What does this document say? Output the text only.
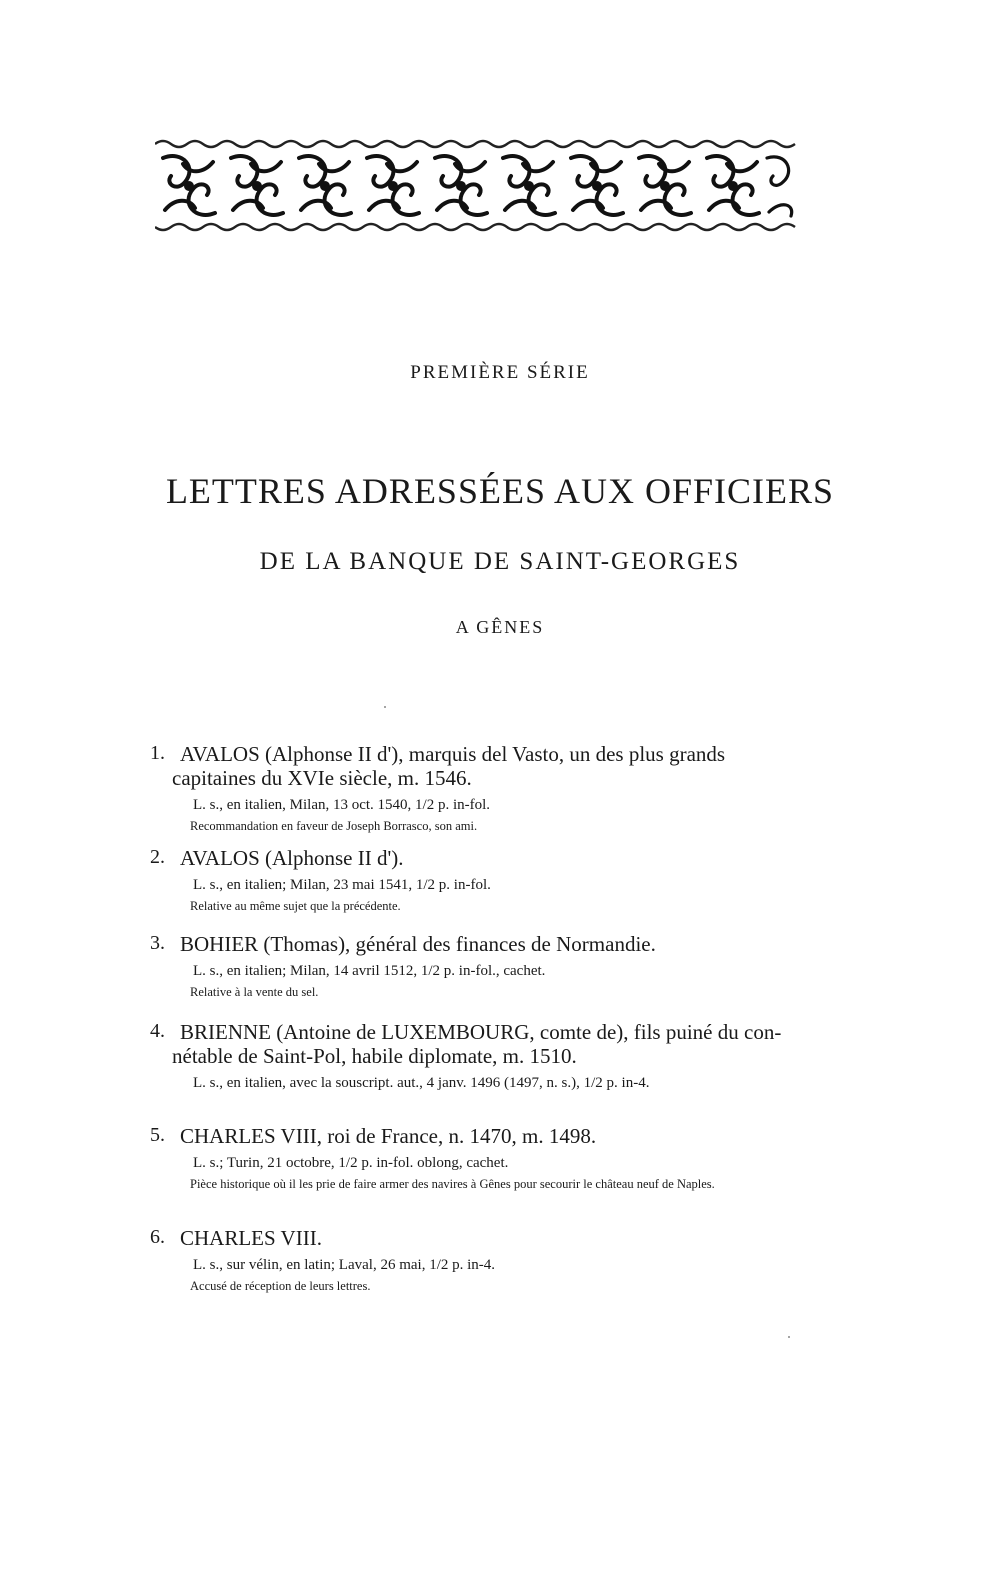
PREMIÈRE SÉRIE
LETTRES ADRESSÉES AUX OFFICIERS
DE LA BANQUE DE SAINT-GEORGES
A GÊNES
1. AVALOS (Alphonse II d'), marquis del Vasto, un des plus grands

capitaines du XVIe siècle, m. 1546.
L. s., en italien, Milan, 13 oct. 1540, 1/2 p. in-fol.
Recommandation en faveur de Joseph Borrasco, son ami.
2. AVALOS (Alphonse II d').
L. s., en italien; Milan, 23 mai 1541, 1/2 p. in-fol.
Relative au même sujet que la précédente.
3. BOHIER (Thomas), général des finances de Normandie.
L. s., en italien; Milan, 14 avril 1512, 1/2 p. in-fol., cachet.
Relative à la vente du sel.
4. BRIENNE (Antoine de LUXEMBOURG, comte de), fils puiné du con-

nétable de Saint-Pol, habile diplomate, m. 1510.
L. s., en italien, avec la souscript. aut., 4 janv. 1496 (1497, n. s.), 1/2 p. in-4.
5. CHARLES VIII, roi de France, n. 1470, m. 1498.
L. s.; Turin, 21 octobre, 1/2 p. in-fol. oblong, cachet.
Pièce historique où il les prie de faire armer des navires à Gênes pour secourir le château neuf de Naples.
6. CHARLES VIII.
L. s., sur vélin, en latin; Laval, 26 mai, 1/2 p. in-4.
Accusé de réception de leurs lettres.
